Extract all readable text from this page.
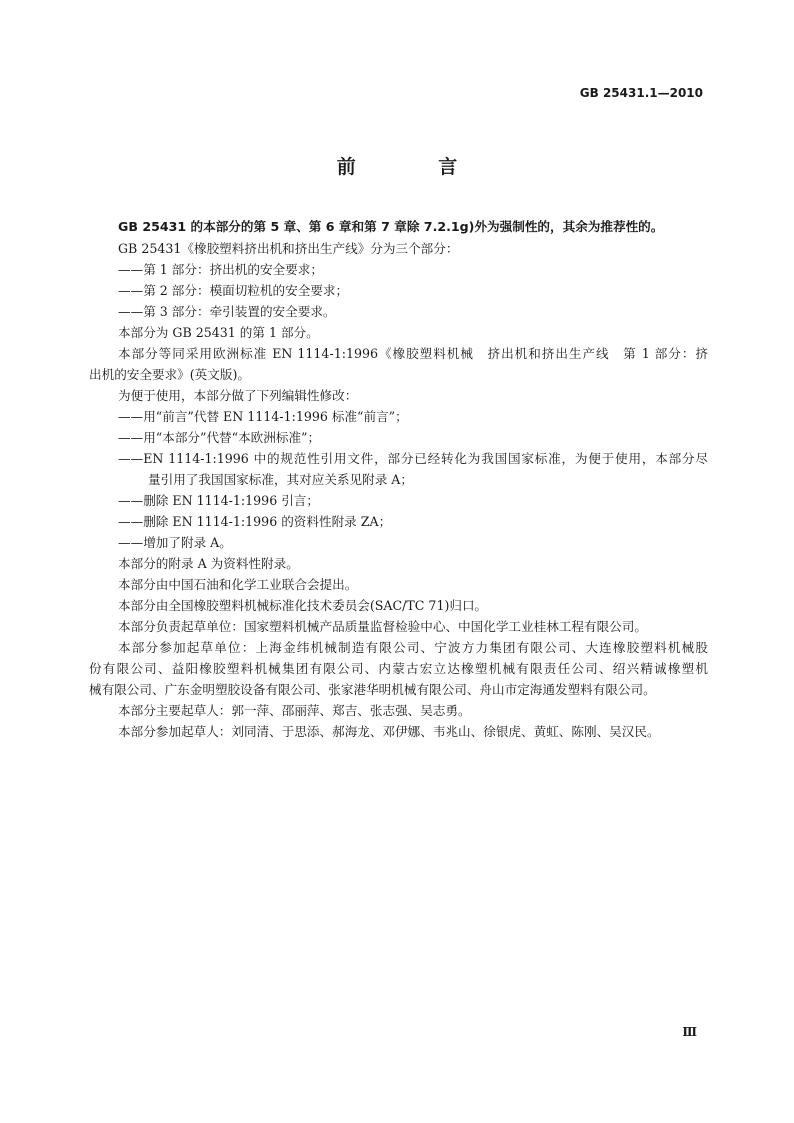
GB 25431.1—2010
前 言
GB 25431 的本部分的第 5 章、第 6 章和第 7 章除 7.2.1g)外为强制性的，其余为推荐性的。
GB 25431《橡胶塑料挤出机和挤出生产线》分为三个部分：
——第 1 部分：挤出机的安全要求；
——第 2 部分：模面切粒机的安全要求；
——第 3 部分：牵引装置的安全要求。
本部分为 GB 25431 的第 1 部分。
本部分等同采用欧洲标准 EN 1114-1:1996《橡胶塑料机械　挤出机和挤出生产线　第 1 部分：挤
出机的安全要求》(英文版)。
为便于使用，本部分做了下列编辑性修改：
——用“前言”代替 EN 1114-1:1996 标准“前言”；
——用“本部分”代替“本欧洲标准”；
——EN 1114-1:1996 中的规范性引用文件，部分已经转化为我国国家标准，为便于使用，本部分尽
量引用了我国国家标准，其对应关系见附录 A；
——删除 EN 1114-1:1996 引言；
——删除 EN 1114-1:1996 的资料性附录 ZA；
——增加了附录 A。
本部分的附录 A 为资料性附录。
本部分由中国石油和化学工业联合会提出。
本部分由全国橡胶塑料机械标准化技术委员会(SAC/TC 71)归口。
本部分负责起草单位：国家塑料机械产品质量监督检验中心、中国化学工业桂林工程有限公司。
本部分参加起草单位：上海金纬机械制造有限公司、宁波方力集团有限公司、大连橡胶塑料机械股
份有限公司、益阳橡胶塑料机械集团有限公司、内蒙古宏立达橡塑机械有限责任公司、绍兴精诚橡塑机
械有限公司、广东金明塑胶设备有限公司、张家港华明机械有限公司、舟山市定海通发塑料有限公司。
本部分主要起草人：郭一萍、邵丽萍、郑吉、张志强、吴志勇。
本部分参加起草人：刘同清、于思添、郝海龙、邓伊娜、韦兆山、徐银虎、黄虹、陈刚、吴汉民。
Ⅲ
